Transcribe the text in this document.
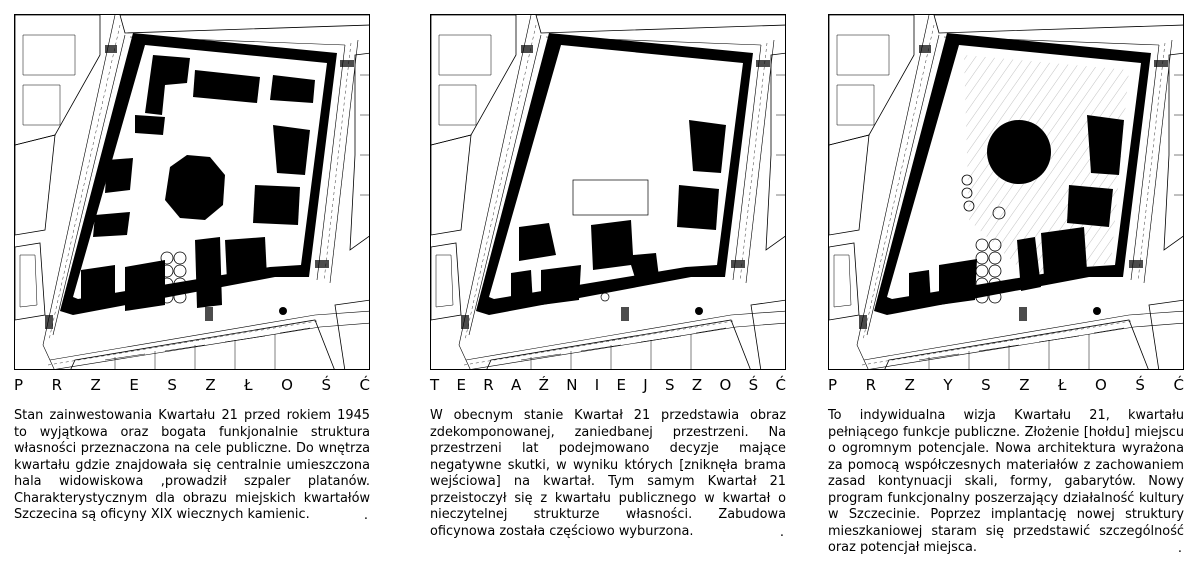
P R Z E S Z Ł O Ś Ć

Stan zainwestowania Kwartału 21 przed rokiem 1945 to wyjątkowa oraz bogata funkjonalnie struktura własności przeznaczona na cele publiczne. Do wnętrza kwartału gdzie znajdowała się centralnie umieszczona hala widowiskowa ,prowadził szpaler platanów. Charakterystycznym dla obrazu miejskich kwartałów Szczecina są oficyny XIX wiecznych kamienic.	.
T E R A Ź N I E J S Z O Ś Ć

W obecnym stanie Kwartał 21 przedstawia obraz zdekomponowanej, zaniedbanej przestrzeni. Na przestrzeni lat podejmowano decyzje mające negatywne skutki, w wyniku których [zniknęła brama wejściowa] na kwartał. Tym samym Kwartał 21 przeistoczył się z kwartału publicznego w kwartał o nieczytelnej strukturze własności. Zabudowa oficynowa została częściowo wyburzona.	.
P R Z Y S Z Ł O Ś Ć

To indywidualna wizja Kwartału 21, kwartału pełniącego funkcje publiczne. Złożenie [hołdu] miejscu o ogromnym potencjale. Nowa architektura wyrażona za pomocą współczesnych materiałów z zachowaniem zasad kontynuacji skali, formy, gabarytów. Nowy program funkcjonalny poszerzający działalność kultury w Szczecinie. Poprzez implantację nowej struktury mieszkaniowej staram się przedstawić szczególność oraz potencjał miejsca.	.
